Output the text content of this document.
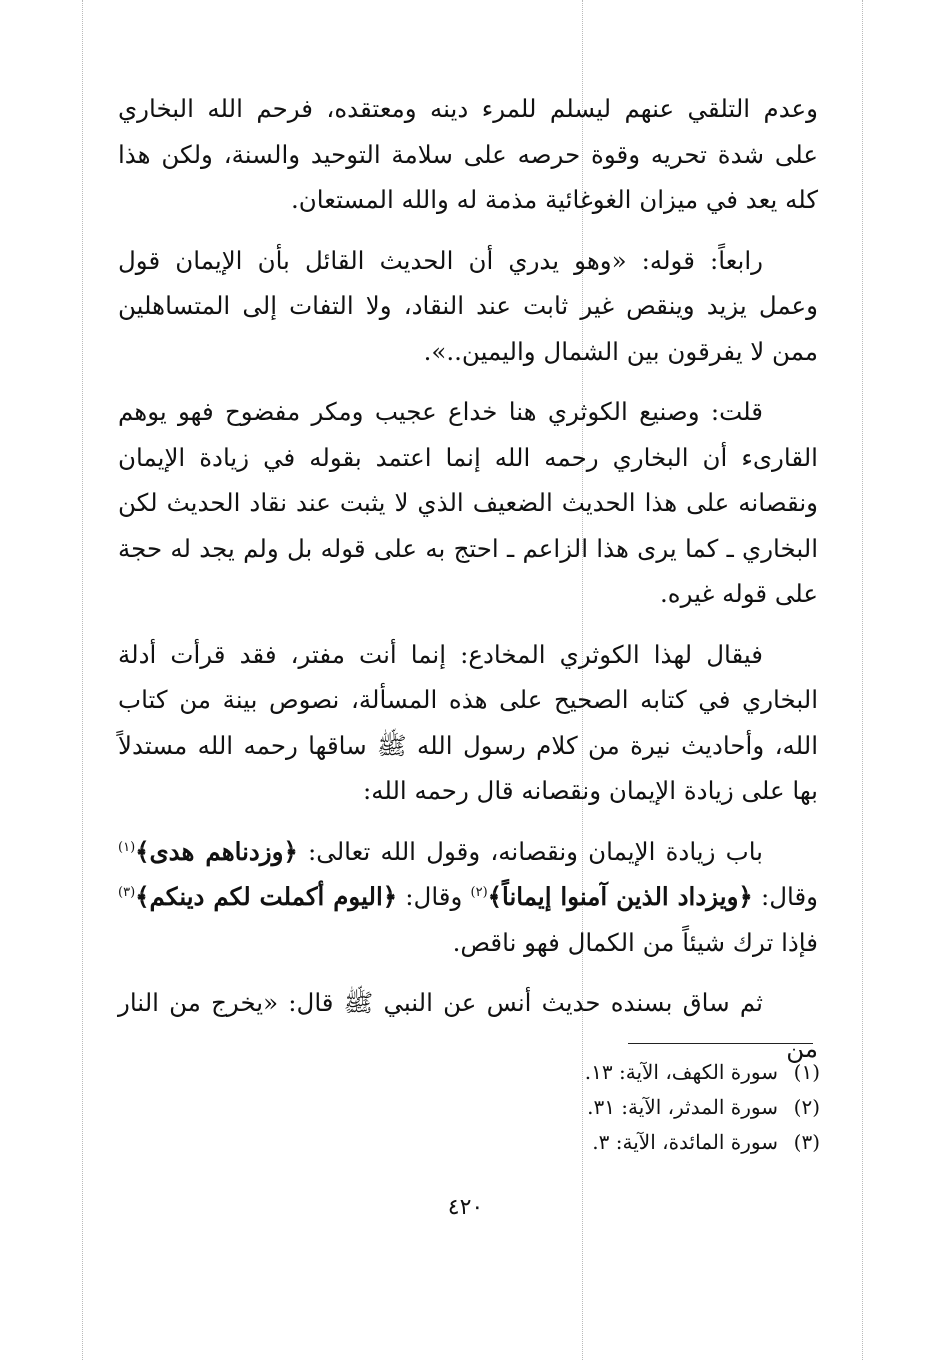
وعدم التلقي عنهم ليسلم للمرء دينه ومعتقده، فرحم الله البخاري على شدة تحريه وقوة حرصه على سلامة التوحيد والسنة، ولكن هذا كله يعد في ميزان الغوغائية مذمة له والله المستعان.

رابعاً: قوله: «وهو يدري أن الحديث القائل بأن الإيمان قول وعمل يزيد وينقص غير ثابت عند النقاد، ولا التفات إلى المتساهلين ممن لا يفرقون بين الشمال واليمين..».

قلت: وصنيع الكوثري هنا خداع عجيب ومكر مفضوح فهو يوهم القارىء أن البخاري رحمه الله إنما اعتمد بقوله في زيادة الإيمان ونقصانه على هذا الحديث الضعيف الذي لا يثبت عند نقاد الحديث لكن البخاري ـ كما يرى هذا الزاعم ـ احتج به على قوله بل ولم يجد له حجة على قوله غيره.

فيقال لهذا الكوثري المخادع: إنما أنت مفتر، فقد قرأت أدلة البخاري في كتابه الصحيح على هذه المسألة، نصوص بينة من كتاب الله، وأحاديث نيرة من كلام رسول الله ﷺ ساقها رحمه الله مستدلاً بها على زيادة الإيمان ونقصانه قال رحمه الله:

باب زيادة الإيمان ونقصانه، وقول الله تعالى: ﴿وزدناهم هدى﴾$^{(١)}$ وقال: ﴿ويزداد الذين آمنوا إيماناً﴾$^{(٢)}$ وقال: ﴿اليوم أكملت لكم دينكم﴾$^{(٣)}$ فإذا ترك شيئاً من الكمال فهو ناقص.

ثم ساق بسنده حديث أنس عن النبي ﷺ قال: «يخرج من النار من

(١)سورة الكهف، الآية: ١٣.
(٢)سورة المدثر، الآية: ٣١.
(٣)سورة المائدة، الآية: ٣.
٤٢٠
